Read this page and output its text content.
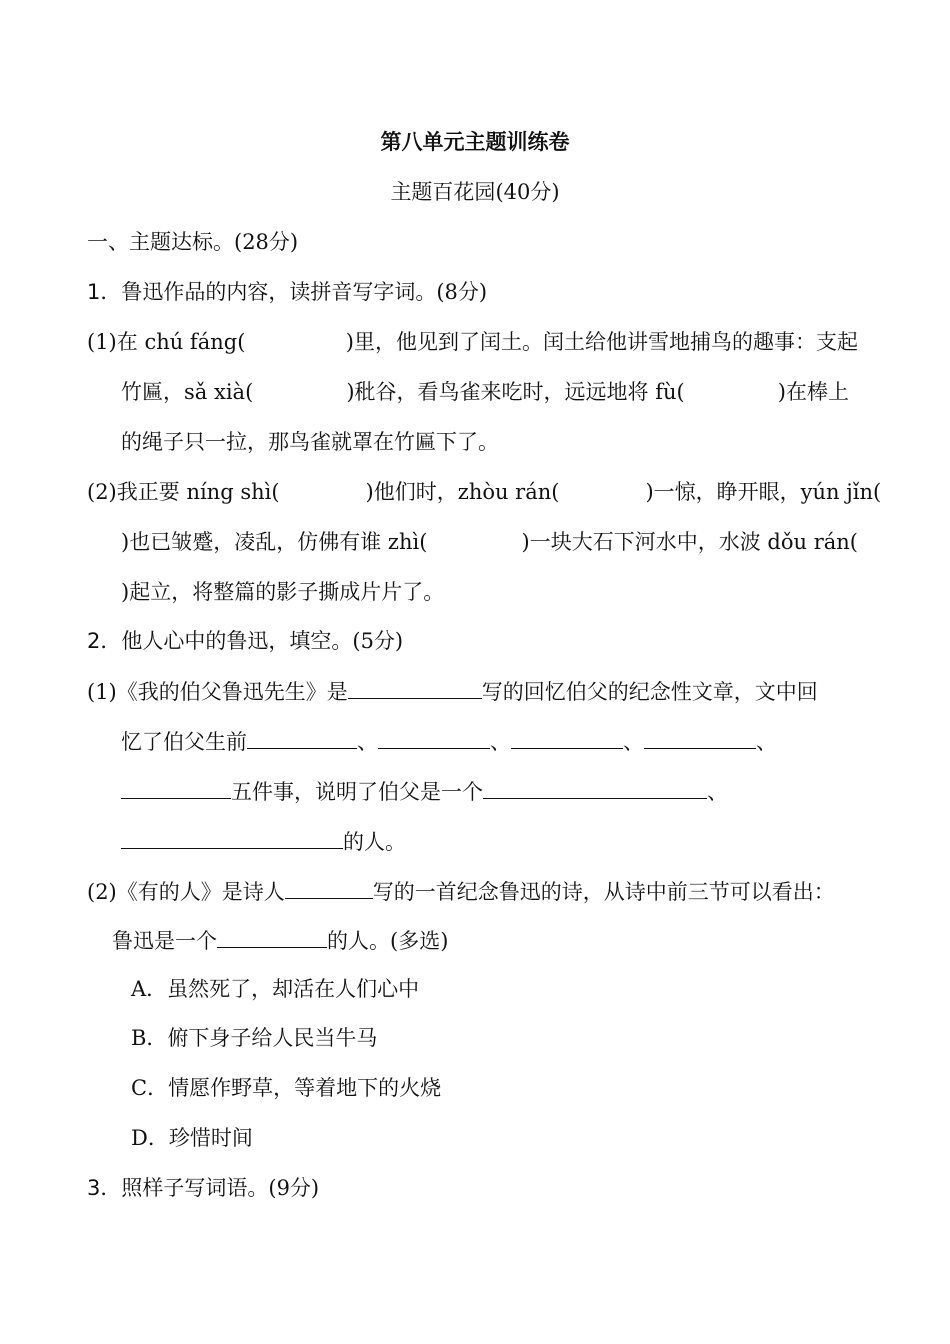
第八单元主题训练卷
主题百花园(40分)
一、主题达标。(28分)
1．鲁迅作品的内容，读拼音写字词。(8分)
(1)在 chú fáng(	)里，他见到了闰土。闰土给他讲雪地捕鸟的趣事：支起
竹匾，sǎ xià(	)秕谷，看鸟雀来吃时，远远地将 fù(	)在棒上
的绳子只一拉，那鸟雀就罩在竹匾下了。
(2)我正要 níng shì(	)他们时，zhòu rán(	)一惊，睁开眼，yún jǐn(
)也已皱蹙，凌乱，仿佛有谁 zhì(	)一块大石下河水中，水波 dǒu rán(
)起立，将整篇的影子撕成片片了。
2．他人心中的鲁迅，填空。(5分)
(1)《我的伯父鲁迅先生》是	写的回忆伯父的纪念性文章，文中回
忆了伯父生前	、	、	、	、
五件事，说明了伯父是一个	、
的人。
(2)《有的人》是诗人	写的一首纪念鲁迅的诗，从诗中前三节可以看出：
鲁迅是一个	的人。(多选)
A．虽然死了，却活在人们心中
B．俯下身子给人民当牛马
C．情愿作野草，等着地下的火烧
D．珍惜时间
3．照样子写词语。(9分)
